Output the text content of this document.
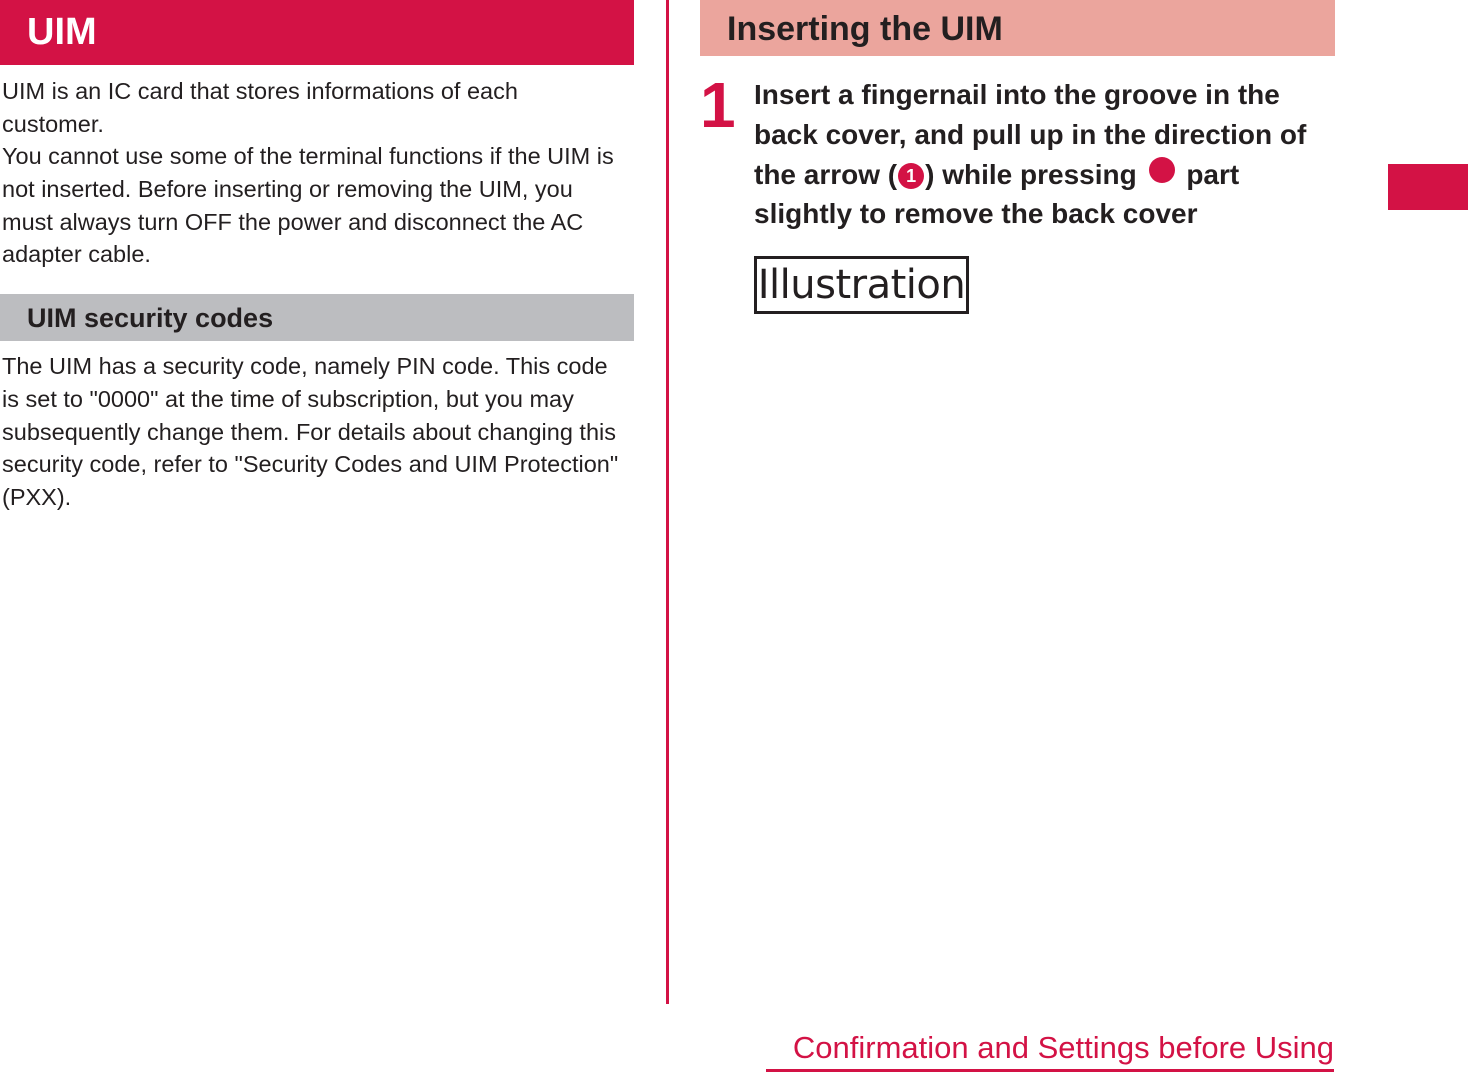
UIM

UIM is an IC card that stores informations of each customer.

You cannot use some of the terminal functions if the UIM is not inserted. Before inserting or removing the UIM, you must always turn OFF the power and disconnect the AC adapter cable.

UIM security codes

The UIM has a security code, namely PIN code. This code is set to "0000" at the time of subscription, but you may subsequently change them. For details about changing this security code, refer to "Security Codes and UIM Protection" (PXX).

Inserting the UIM
1 Insert a fingernail into the groove in the back cover, and pull up in the direction of the arrow ( 1 ) while pressing part slightly to remove the back cover

Illustration
Confirmation and Settings before Using
